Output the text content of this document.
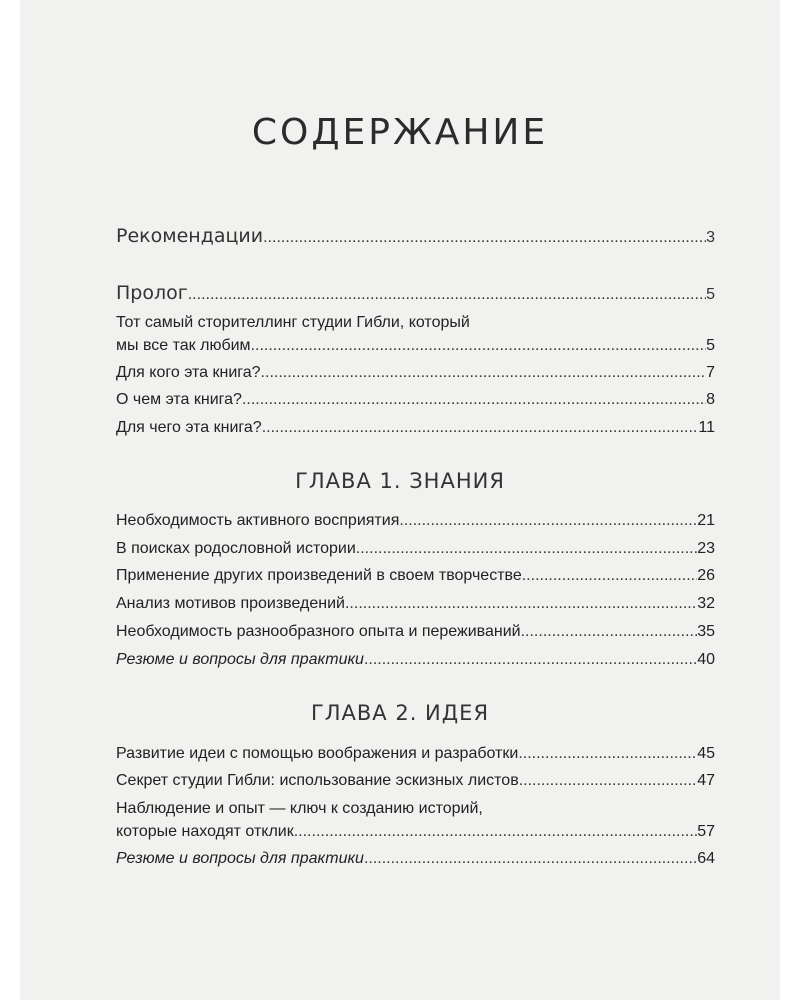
СОДЕРЖАНИЕ
Рекомендации .....	3
Пролог .....	5
Тот самый сторителлинг студии Гибли, который
мы все так любим .....	5
Для кого эта книга? .....	7
О чем эта книга? .....	8
Для чего эта книга? .....	11
ГЛАВА 1. ЗНАНИЯ
Необходимость активного восприятия .....	21
В поисках родословной истории .....	23
Применение других произведений в своем творчестве .....	26
Анализ мотивов произведений .....	32
Необходимость разнообразного опыта и переживаний .....	35
Резюме и вопросы для практики .....	40
ГЛАВА 2. ИДЕЯ
Развитие идеи с помощью воображения и разработки .....	45
Секрет студии Гибли: использование эскизных листов .....	47
Наблюдение и опыт — ключ к созданию историй,
которые находят отклик .....	57
Резюме и вопросы для практики .....	64
